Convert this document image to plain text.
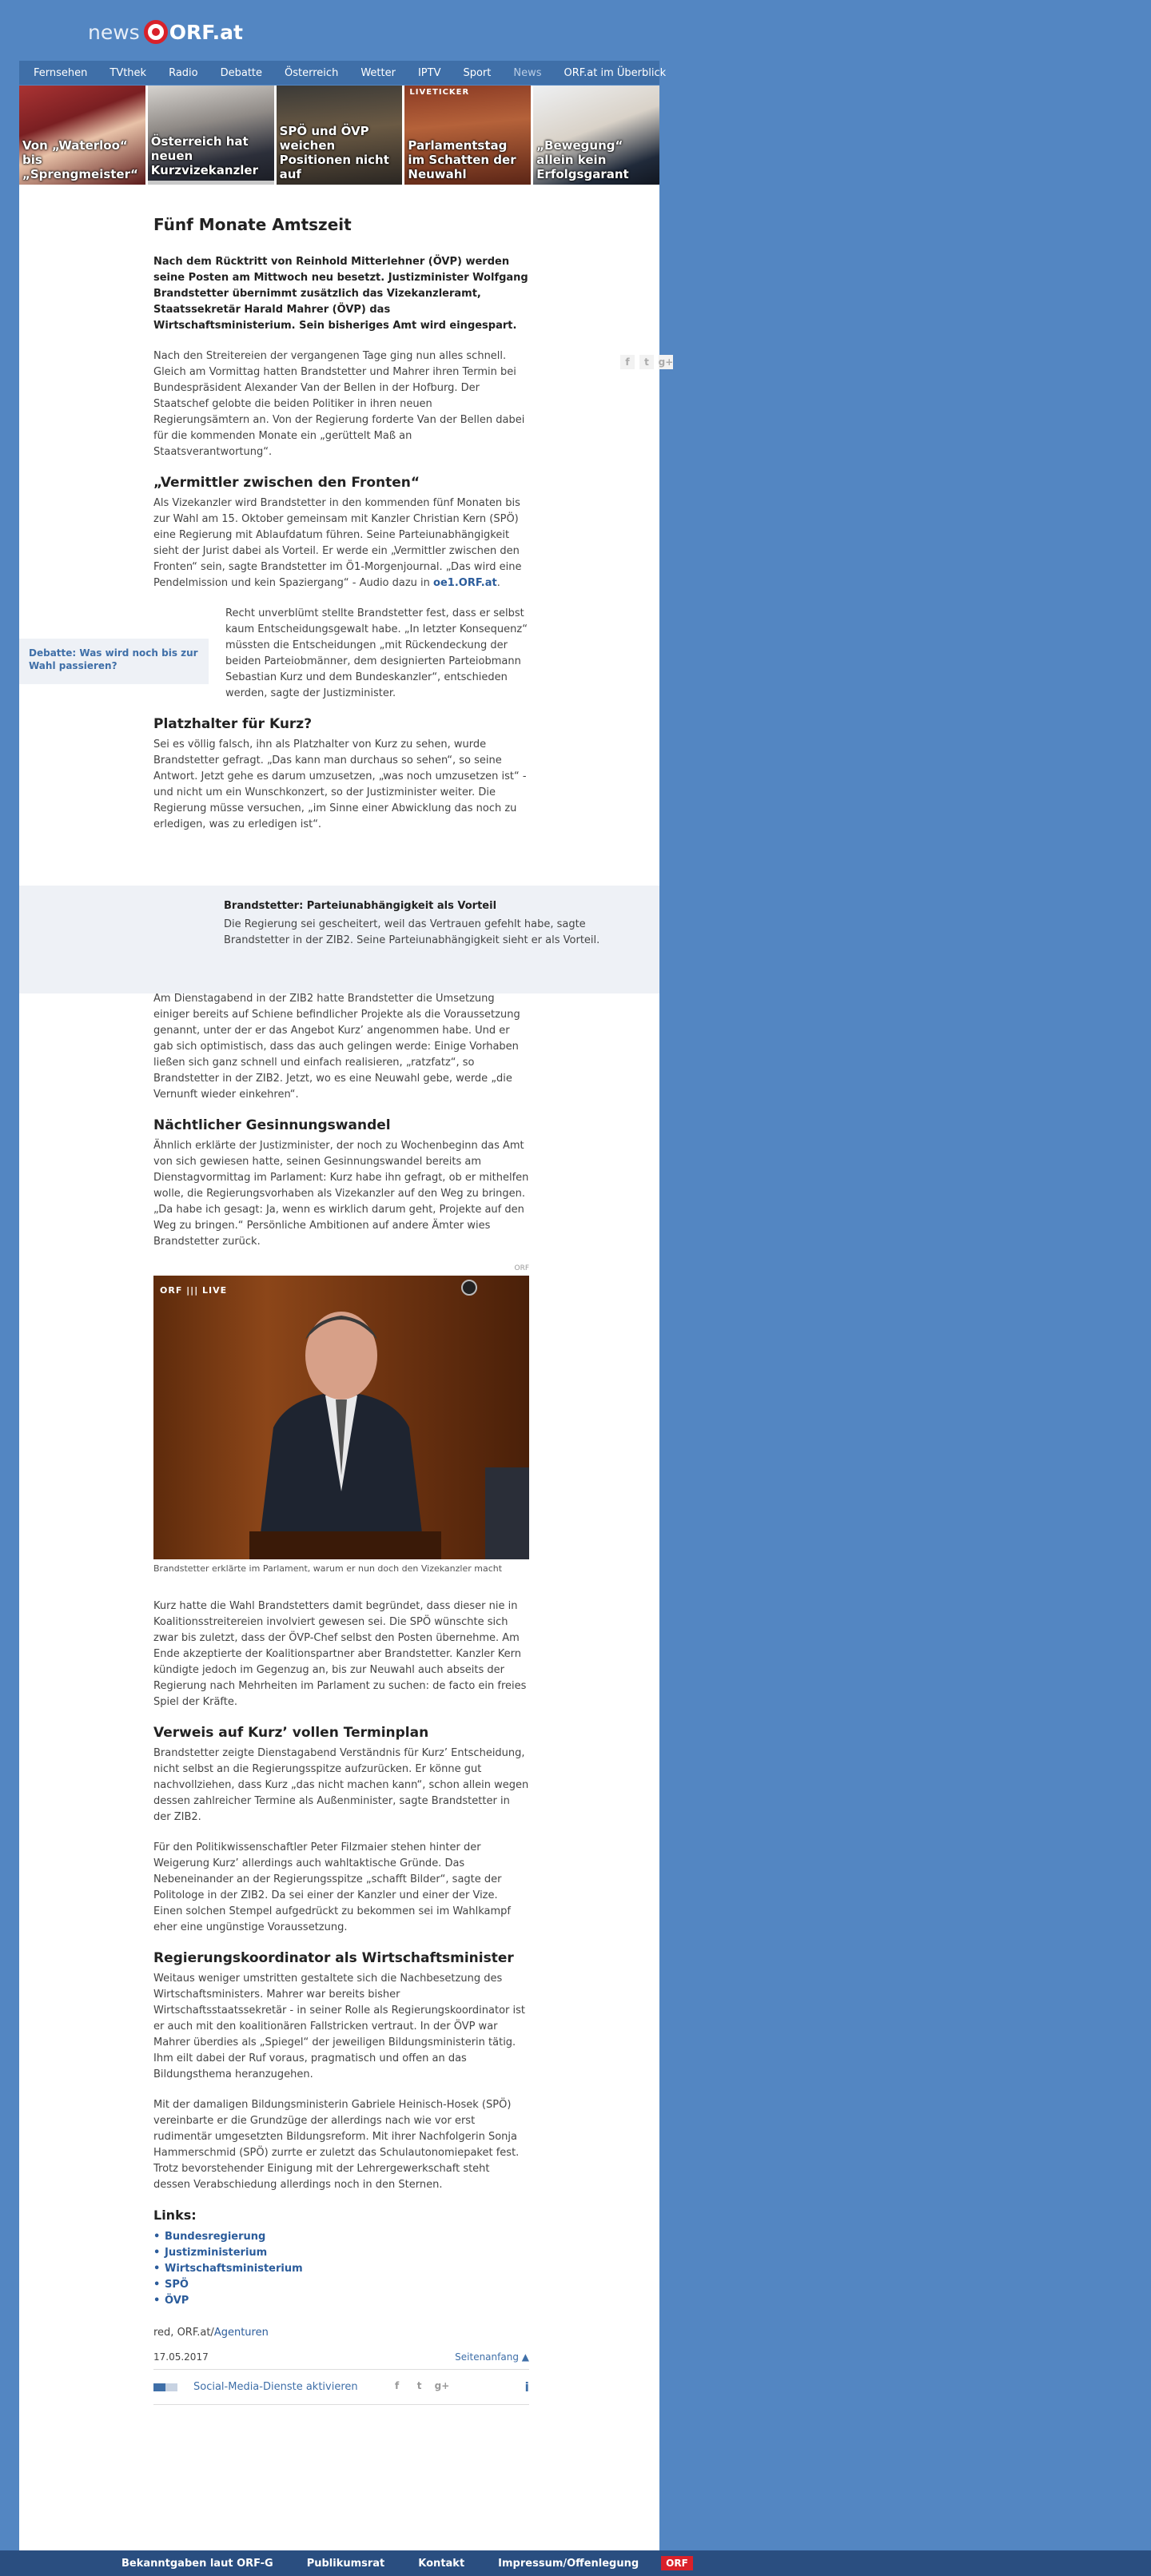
news ORF.at
Fernsehen TVthek Radio Debatte Österreich Wetter IPTV Sport News ORF.at im Überblick
Von „Waterloo“ bis „Sprengmeister“
Österreich hat neuen Kurzvizekanzler
SPÖ und ÖVP weichen Positionen nicht auf
LIVETICKER
Parlamentstag im Schatten der Neuwahl
„Bewegung“ allein kein Erfolgsgarant
f	t g+
Debatte: Was wird noch bis zur Wahl passieren?
Brandstetter: Parteiunabhängigkeit als Vorteil
Die Regierung sei gescheitert, weil das Vertrauen gefehlt habe, sagte Brandstetter in der ZIB2. Seine Parteiunabhängigkeit sieht er als Vorteil.
Fünf Monate Amtszeit
Nach dem Rücktritt von Reinhold Mitterlehner (ÖVP) werden seine Posten am Mittwoch neu besetzt. Justizminister Wolfgang Brandstetter übernimmt zusätzlich das Vizekanzleramt, Staatssekretär Harald Mahrer (ÖVP) das Wirtschaftsministerium. Sein bisheriges Amt wird eingespart.

Nach den Streitereien der vergangenen Tage ging nun alles schnell. Gleich am Vormittag hatten Brandstetter und Mahrer ihren Termin bei Bundespräsident Alexander Van der Bellen in der Hofburg. Der Staatschef gelobte die beiden Politiker in ihren neuen Regierungsämtern an. Von der Regierung forderte Van der Bellen dabei für die kommenden Monate ein „gerüttelt Maß an Staatsverantwortung“.

„Vermittler zwischen den Fronten“

Als Vizekanzler wird Brandstetter in den kommenden fünf Monaten bis zur Wahl am 15. Oktober gemeinsam mit Kanzler Christian Kern (SPÖ) eine Regierung mit Ablaufdatum führen. Seine Parteiunabhängigkeit sieht der Jurist dabei als Vorteil. Er werde ein „Vermittler zwischen den Fronten“ sein, sagte Brandstetter im Ö1-Morgenjournal. „Das wird eine Pendelmission und kein Spaziergang“ - Audio dazu in oe1.ORF.at.

Recht unverblümt stellte Brandstetter fest, dass er selbst kaum Entscheidungsgewalt habe. „In letzter Konsequenz“ müssten die Entscheidungen „mit Rückendeckung der beiden Parteiobmänner, dem designierten Parteiobmann Sebastian Kurz und dem Bundeskanzler“, entschieden werden, sagte der Justizminister.

Platzhalter für Kurz?

Sei es völlig falsch, ihn als Platzhalter von Kurz zu sehen, wurde Brandstetter gefragt. „Das kann man durchaus so sehen“, so seine Antwort. Jetzt gehe es darum umzusetzen, „was noch umzusetzen ist“ - und nicht um ein Wunschkonzert, so der Justizminister weiter. Die Regierung müsse versuchen, „im Sinne einer Abwicklung das noch zu erledigen, was zu erledigen ist“.

Am Dienstagabend in der ZIB2 hatte Brandstetter die Umsetzung einiger bereits auf Schiene befindlicher Projekte als die Voraussetzung genannt, unter der er das Angebot Kurz’ angenommen habe. Und er gab sich optimistisch, dass das auch gelingen werde: Einige Vorhaben ließen sich ganz schnell und einfach realisieren, „ratzfatz“, so Brandstetter in der ZIB2. Jetzt, wo es eine Neuwahl gebe, werde „die Vernunft wieder einkehren“.

Nächtlicher Gesinnungswandel

Ähnlich erklärte der Justizminister, der noch zu Wochenbeginn das Amt von sich gewiesen hatte, seinen Gesinnungswandel bereits am Dienstagvormittag im Parlament: Kurz habe ihn gefragt, ob er mithelfen wolle, die Regierungsvorhaben als Vizekanzler auf den Weg zu bringen. „Da habe ich gesagt: Ja, wenn es wirklich darum geht, Projekte auf den Weg zu bringen.“ Persönliche Ambitionen auf andere Ämter wies Brandstetter zurück.

ORF
ORF ||| LIVE
Brandstetter erklärte im Parlament, warum er nun doch den Vizekanzler macht

Kurz hatte die Wahl Brandstetters damit begründet, dass dieser nie in Koalitionsstreitereien involviert gewesen sei. Die SPÖ wünschte sich zwar bis zuletzt, dass der ÖVP-Chef selbst den Posten übernehme. Am Ende akzeptierte der Koalitionspartner aber Brandstetter. Kanzler Kern kündigte jedoch im Gegenzug an, bis zur Neuwahl auch abseits der Regierung nach Mehrheiten im Parlament zu suchen: de facto ein freies Spiel der Kräfte.

Verweis auf Kurz’ vollen Terminplan

Brandstetter zeigte Dienstagabend Verständnis für Kurz’ Entscheidung, nicht selbst an die Regierungsspitze aufzurücken. Er könne gut nachvollziehen, dass Kurz „das nicht machen kann“, schon allein wegen dessen zahlreicher Termine als Außenminister, sagte Brandstetter in der ZIB2.

Für den Politikwissenschaftler Peter Filzmaier stehen hinter der Weigerung Kurz’ allerdings auch wahltaktische Gründe. Das Nebeneinander an der Regierungsspitze „schafft Bilder“, sagte der Politologe in der ZIB2. Da sei einer der Kanzler und einer der Vize. Einen solchen Stempel aufgedrückt zu bekommen sei im Wahlkampf eher eine ungünstige Voraussetzung.

Regierungskoordinator als Wirtschaftsminister

Weitaus weniger umstritten gestaltete sich die Nachbesetzung des Wirtschaftsministers. Mahrer war bereits bisher Wirtschaftsstaatssekretär - in seiner Rolle als Regierungskoordinator ist er auch mit den koalitionären Fallstricken vertraut. In der ÖVP war Mahrer überdies als „Spiegel“ der jeweiligen Bildungsministerin tätig. Ihm eilt dabei der Ruf voraus, pragmatisch und offen an das Bildungsthema heranzugehen.

Mit der damaligen Bildungsministerin Gabriele Heinisch-Hosek (SPÖ) vereinbarte er die Grundzüge der allerdings nach wie vor erst rudimentär umgesetzten Bildungsreform. Mit ihrer Nachfolgerin Sonja Hammerschmid (SPÖ) zurrte er zuletzt das Schulautonomiepaket fest. Trotz bevorstehender Einigung mit der Lehrergewerkschaft steht dessen Verabschiedung allerdings noch in den Sternen.

Links:
• Bundesregierung
• Justizministerium
• Wirtschaftsministerium
• SPÖ
• ÖVP
red, ORF.at/Agenturen
17.05.2017	Seitenanfang ▲
Social-Media-Dienste aktivieren	f	t	g+	i
Bekanntgaben laut ORF-G	Publikumsrat	Kontakt	Impressum/Offenlegung	ORF
